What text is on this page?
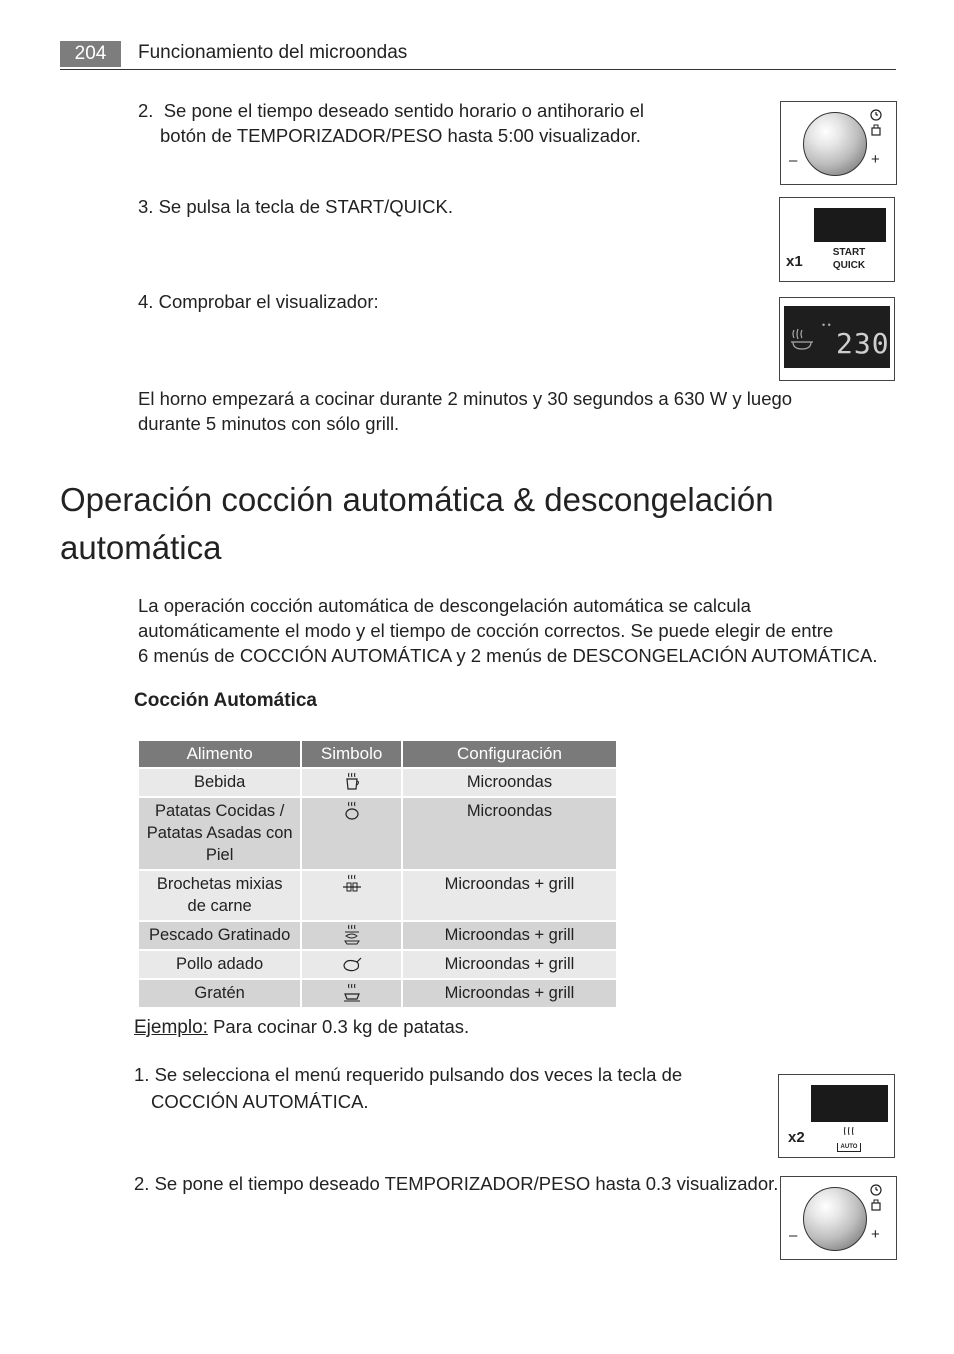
204	Funcionamiento del microondas
2. Se pone el tiempo deseado sentido horario o antihorario el
botón de TEMPORIZADOR/PESO hasta 5:00 visualizador.
–	+
3. Se pulsa la tecla de START/QUICK.
x1
START
QUICK
4. Comprobar el visualizador:
• •
230
El horno empezará a cocinar durante 2 minutos y 30 segundos a 630 W y luego
durante 5 minutos con sólo grill.
Operación cocción automática & descongelación
automática
La operación cocción automática de descongelación automática se calcula
automáticamente el modo y el tiempo de cocción correctos. Se puede elegir de entre
6 menús de COCCIÓN AUTOMÁTICA y 2 menús de DESCONGELACIÓN AUTOMÁTICA.
Cocción Automática
Alimento	Simbolo	Configuración

Bebida		Microondas

Patatas Cocidas /
Patatas Asadas con Piel		Microondas

Brochetas mixias
de carne		Microondas + grill

Pescado Gratinado		Microondas + grill

Pollo adado		Microondas + grill

Gratén		Microondas + grill
Ejemplo: Para cocinar 0.3 kg de patatas.
1. Se selecciona el menú requerido pulsando dos veces la tecla de
COCCIÓN AUTOMÁTICA.
x2
AUTO
2. Se pone el tiempo deseado TEMPORIZADOR/PESO hasta 0.3 visualizador.
–	+
